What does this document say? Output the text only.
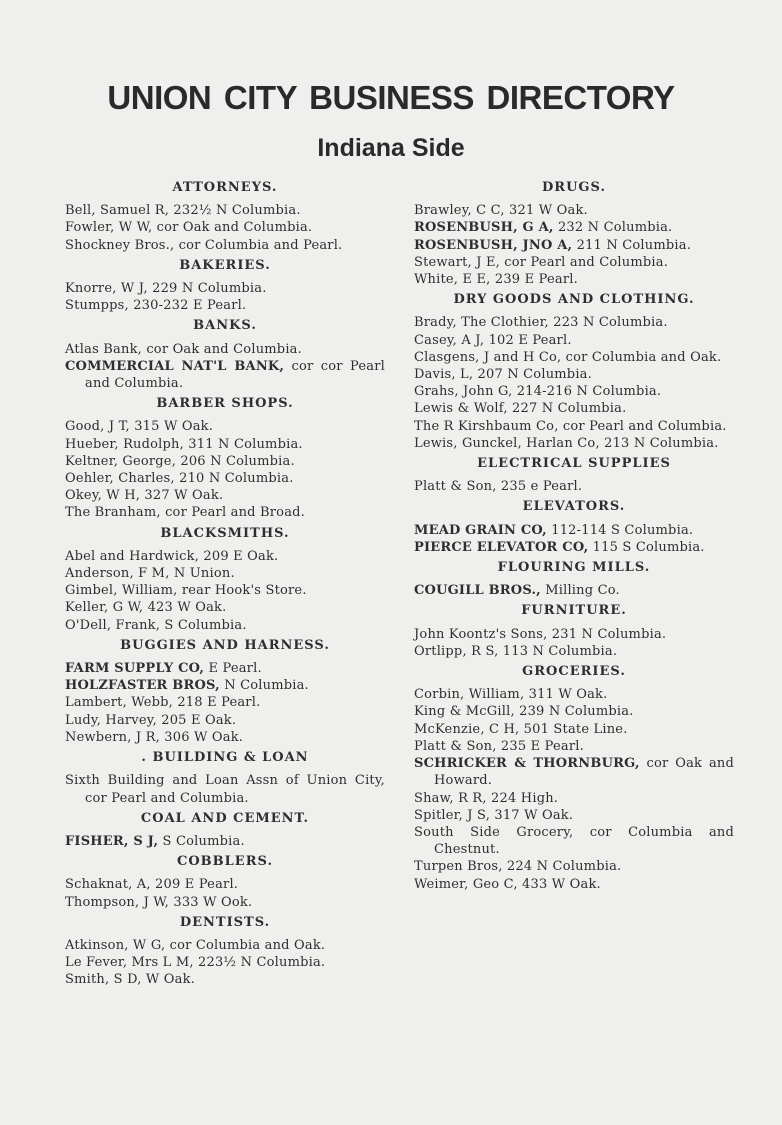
UNION CITY BUSINESS DIRECTORY
Indiana Side
ATTORNEYS.
Bell, Samuel R, 232½ N Columbia.
Fowler, W W, cor Oak and Columbia.
Shockney Bros., cor Columbia and Pearl.
BAKERIES.
Knorre, W J, 229 N Columbia.
Stumpps, 230-232 E Pearl.
BANKS.
Atlas Bank, cor Oak and Columbia.
COMMERCIAL NAT'L BANK, cor cor Pearl and Columbia.
BARBER SHOPS.
Good, J T, 315 W Oak.
Hueber, Rudolph, 311 N Columbia.
Keltner, George, 206 N Columbia.
Oehler, Charles, 210 N Columbia.
Okey, W H, 327 W Oak.
The Branham, cor Pearl and Broad.
BLACKSMITHS.
Abel and Hardwick, 209 E Oak.
Anderson, F M, N Union.
Gimbel, William, rear Hook's Store.
Keller, G W, 423 W Oak.
O'Dell, Frank, S Columbia.
BUGGIES AND HARNESS.
FARM SUPPLY CO, E Pearl.
HOLZFASTER BROS, N Columbia.
Lambert, Webb, 218 E Pearl.
Ludy, Harvey, 205 E Oak.
Newbern, J R, 306 W Oak.
. BUILDING & LOAN
Sixth Building and Loan Assn of Union City, cor Pearl and Columbia.
COAL AND CEMENT.
FISHER, S J, S Columbia.
COBBLERS.
Schaknat, A, 209 E Pearl.
Thompson, J W, 333 W Ook.
DENTISTS.
Atkinson, W G, cor Columbia and Oak.
Le Fever, Mrs L M, 223½ N Columbia.
Smith, S D, W Oak.
DRUGS.
Brawley, C C, 321 W Oak.
ROSENBUSH, G A, 232 N Columbia.
ROSENBUSH, JNO A, 211 N Columbia.
Stewart, J E, cor Pearl and Columbia.
White, E E, 239 E Pearl.
DRY GOODS AND CLOTHING.
Brady, The Clothier, 223 N Columbia.
Casey, A J, 102 E Pearl.
Clasgens, J and H Co, cor Columbia and Oak.
Davis, L, 207 N Columbia.
Grahs, John G, 214-216 N Columbia.
Lewis & Wolf, 227 N Columbia.
The R Kirshbaum Co, cor Pearl and Columbia.
Lewis, Gunckel, Harlan Co, 213 N Columbia.
ELECTRICAL SUPPLIES
Platt & Son, 235 e Pearl.
ELEVATORS.
MEAD GRAIN CO, 112-114 S Columbia.
PIERCE ELEVATOR CO, 115 S Columbia.
FLOURING MILLS.
COUGILL BROS., Milling Co.
FURNITURE.
John Koontz's Sons, 231 N Columbia.
Ortlipp, R S, 113 N Columbia.
GROCERIES.
Corbin, William, 311 W Oak.
King & McGill, 239 N Columbia.
McKenzie, C H, 501 State Line.
Platt & Son, 235 E Pearl.
SCHRICKER & THORNBURG, cor Oak and Howard.
Shaw, R R, 224 High.
Spitler, J S, 317 W Oak.
South Side Grocery, cor Columbia and Chestnut.
Turpen Bros, 224 N Columbia.
Weimer, Geo C, 433 W Oak.
